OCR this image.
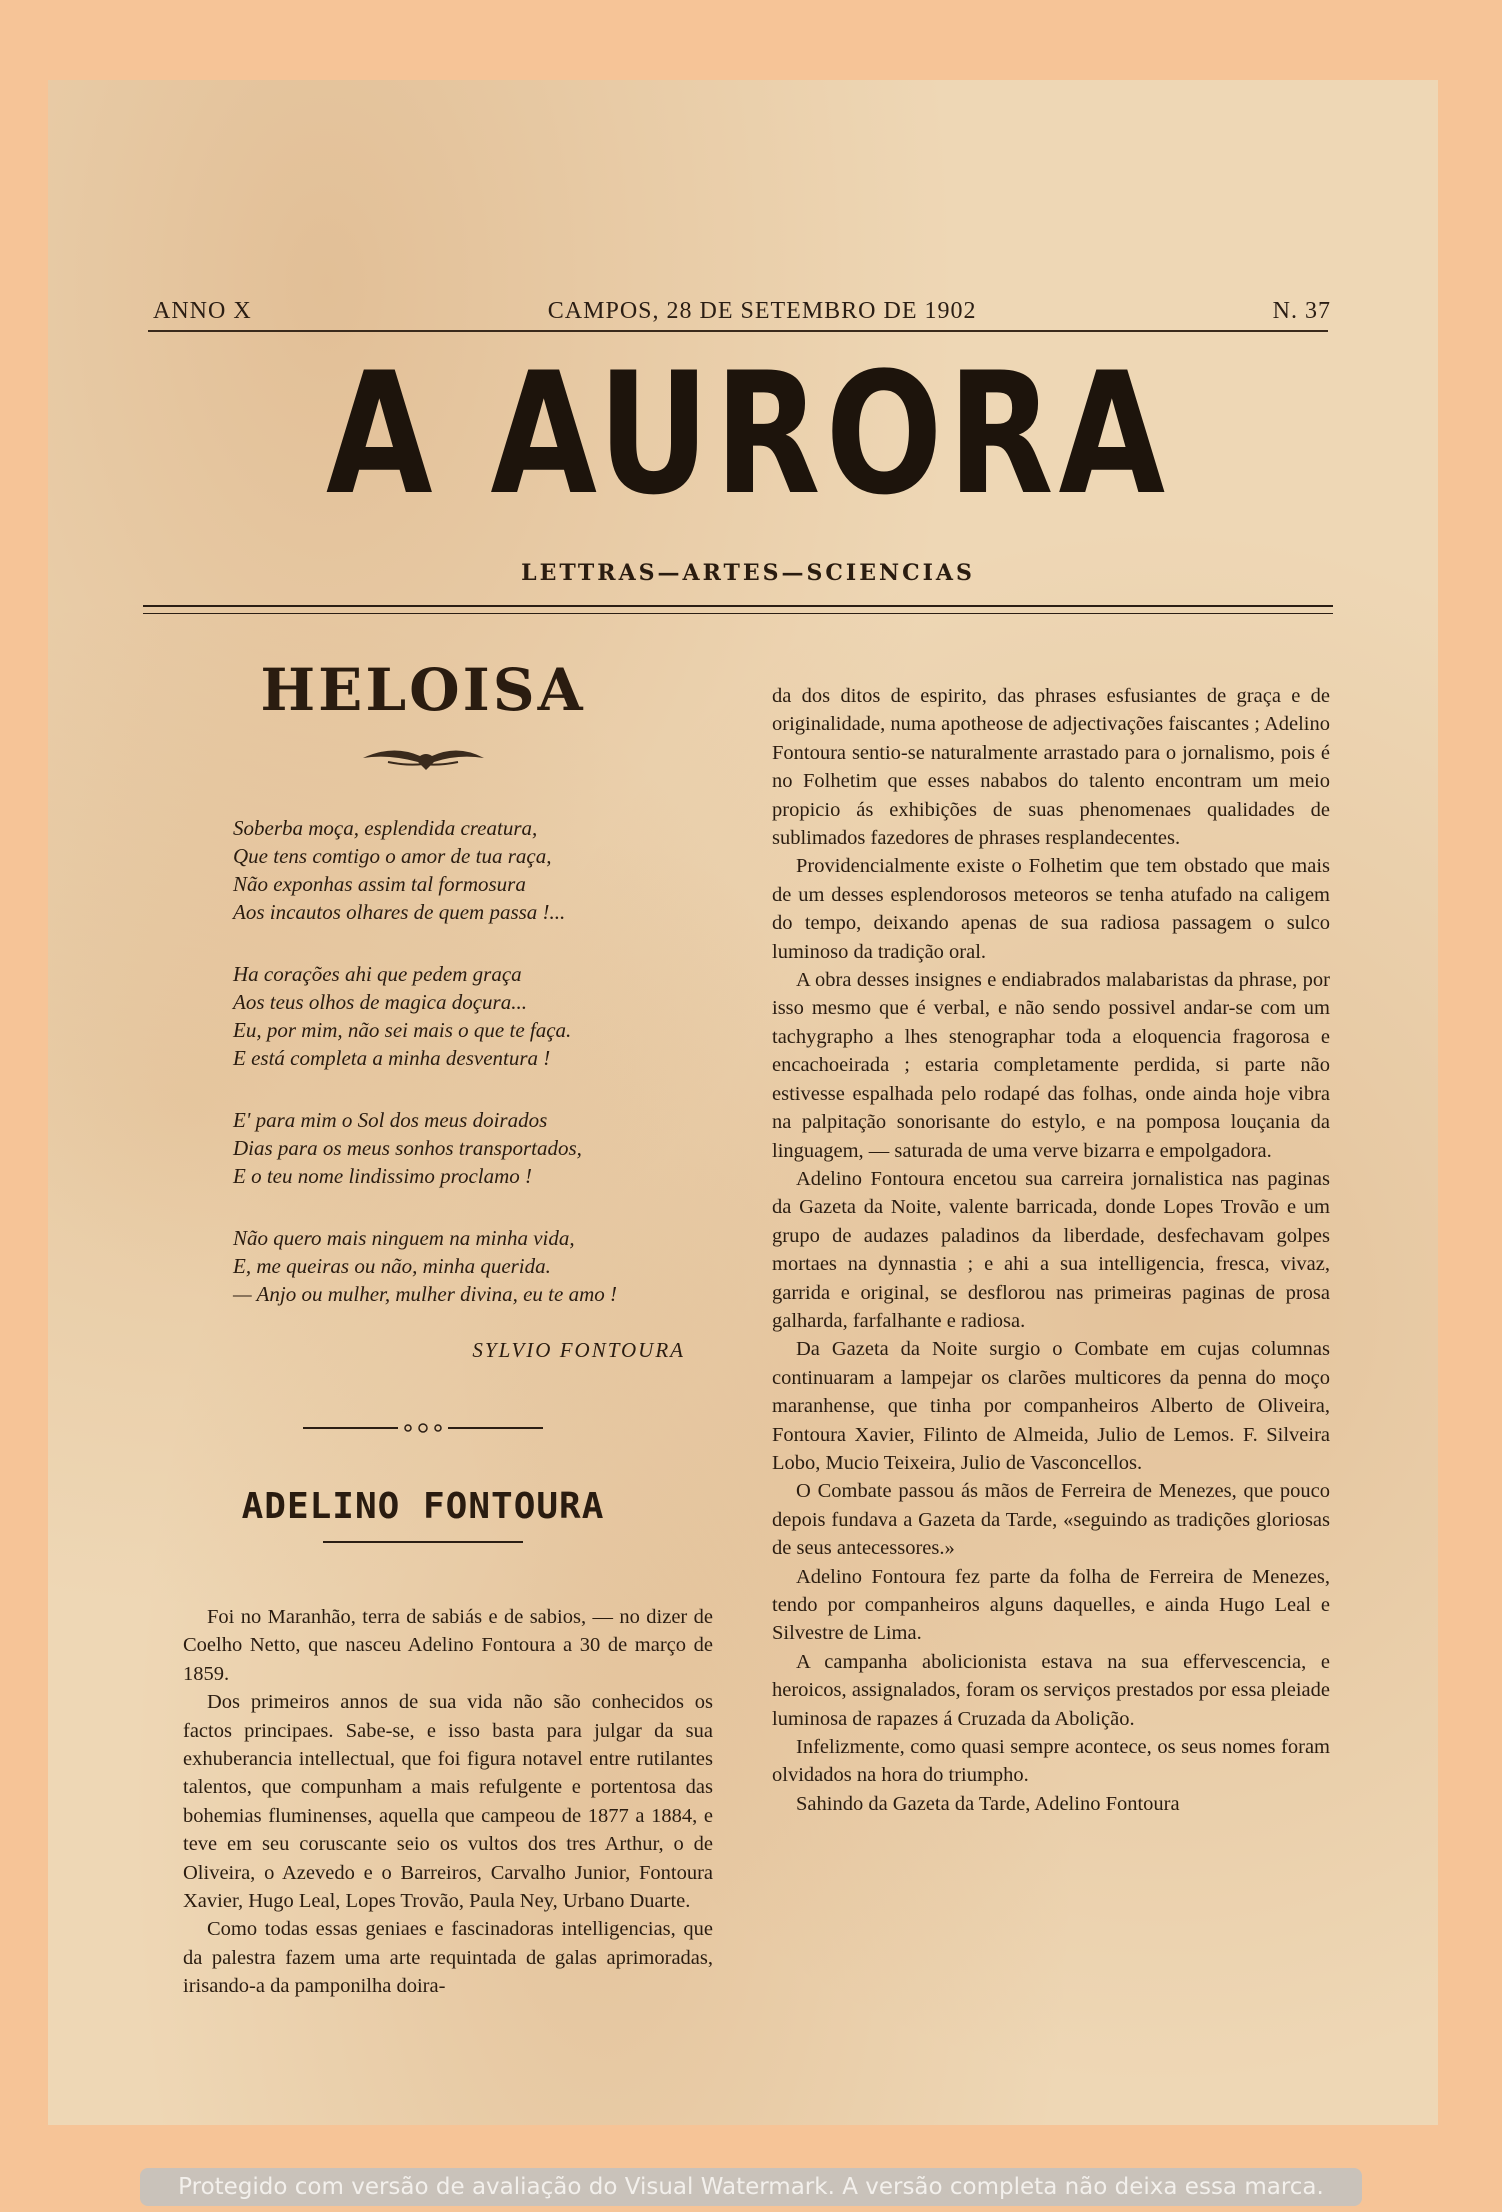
ANNO X	CAMPOS, 28 DE SETEMBRO DE 1902	N. 37
A AURORA
LETTRAS—ARTES—SCIENCIAS
HELOISA
Soberba moça, esplendida creatura,
Que tens comtigo o amor de tua raça,
Não exponhas assim tal formosura
Aos incautos olhares de quem passa !...
Ha corações ahi que pedem graça
Aos teus olhos de magica doçura...
Eu, por mim, não sei mais o que te faça.
E está completa a minha desventura !
E' para mim o Sol dos meus doirados
Dias para os meus sonhos transportados,
E o teu nome lindissimo proclamo !
Não quero mais ninguem na minha vida,
E, me queiras ou não, minha querida.
— Anjo ou mulher, mulher divina, eu te amo !
SYLVIO FONTOURA
ADELINO FONTOURA

Foi no Maranhão, terra de sabiás e de sabios, — no dizer de Coelho Netto, que nasceu Adelino Fontoura a 30 de março de 1859.

Dos primeiros annos de sua vida não são conhecidos os factos principaes. Sabe-se, e isso basta para julgar da sua exhuberancia intellectual, que foi figura notavel entre rutilantes talentos, que compunham a mais refulgente e portentosa das bohemias fluminenses, aquella que campeou de 1877 a 1884, e teve em seu coruscante seio os vultos dos tres Arthur, o de Oliveira, o Azevedo e o Barreiros, Carvalho Junior, Fontoura Xavier, Hugo Leal, Lopes Trovão, Paula Ney, Urbano Duarte.

Como todas essas geniaes e fascinadoras intelligencias, que da palestra fazem uma arte requintada de galas aprimoradas, irisando-a da pamponilha doira-

da dos ditos de espirito, das phrases esfusiantes de graça e de originalidade, numa apotheose de adjectivações faiscantes ; Adelino Fontoura sentio-se naturalmente arrastado para o jornalismo, pois é no Folhetim que esses nababos do talento encontram um meio propicio ás exhibições de suas phenomenaes qualidades de sublimados fazedores de phrases resplandecentes.

Providencialmente existe o Folhetim que tem obstado que mais de um desses esplendorosos meteoros se tenha atufado na caligem do tempo, deixando apenas de sua radiosa passagem o sulco luminoso da tradição oral.

A obra desses insignes e endiabrados malabaristas da phrase, por isso mesmo que é verbal, e não sendo possivel andar-se com um tachygrapho a lhes stenographar toda a eloquencia fragorosa e encachoeirada ; estaria completamente perdida, si parte não estivesse espalhada pelo rodapé das folhas, onde ainda hoje vibra na palpitação sonorisante do estylo, e na pomposa louçania da linguagem, — saturada de uma verve bizarra e empolgadora.

Adelino Fontoura encetou sua carreira jornalistica nas paginas da Gazeta da Noite, valente barricada, donde Lopes Trovão e um grupo de audazes paladinos da liberdade, desfechavam golpes mortaes na dynnastia ; e ahi a sua intelligencia, fresca, vivaz, garrida e original, se desflorou nas primeiras paginas de prosa galharda, farfalhante e radiosa.

Da Gazeta da Noite surgio o Combate em cujas columnas continuaram a lampejar os clarões multicores da penna do moço maranhense, que tinha por companheiros Alberto de Oliveira, Fontoura Xavier, Filinto de Almeida, Julio de Lemos. F. Silveira Lobo, Mucio Teixeira, Julio de Vasconcellos.

O Combate passou ás mãos de Ferreira de Menezes, que pouco depois fundava a Gazeta da Tarde, «seguindo as tradições gloriosas de seus antecessores.»

Adelino Fontoura fez parte da folha de Ferreira de Menezes, tendo por companheiros alguns daquelles, e ainda Hugo Leal e Silvestre de Lima.

A campanha abolicionista estava na sua effervescencia, e heroicos, assignalados, foram os serviços prestados por essa pleiade luminosa de rapazes á Cruzada da Abolição.

Infelizmente, como quasi sempre acontece, os seus nomes foram olvidados na hora do triumpho.

Sahindo da Gazeta da Tarde, Adelino Fontoura

Protegido com versão de avaliação do Visual Watermark. A versão completa não deixa essa marca.
